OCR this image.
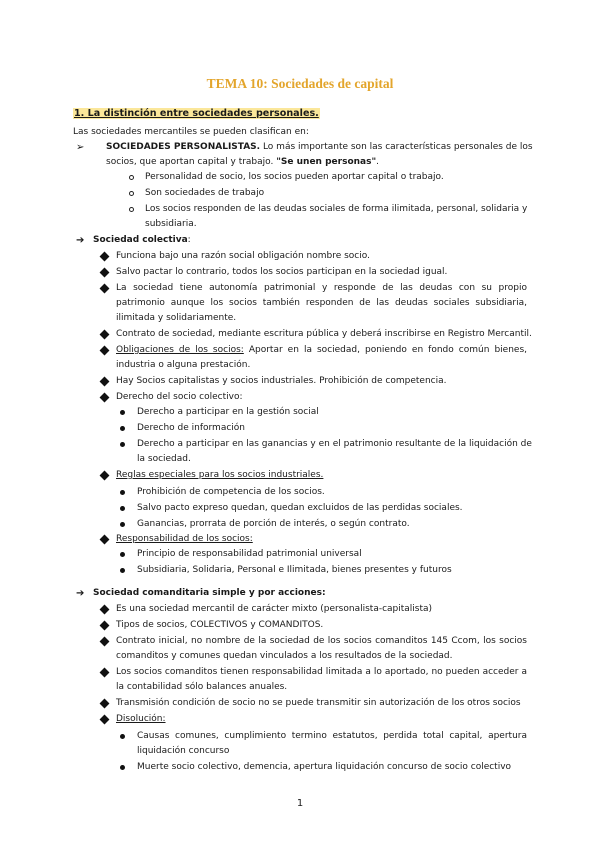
TEMA 10: Sociedades de capital
1. La distinción entre sociedades personales.
Las sociedades mercantiles se pueden clasifican en:
➢ SOCIEDADES PERSONALISTAS. Lo más importante son las características personales de los
socios, que aportan capital y trabajo. "Se unen personas".
Personalidad de socio, los socios pueden aportar capital o trabajo.
Son sociedades de trabajo
Los socios responden de las deudas sociales de forma ilimitada, personal, solidaria y
subsidiaria.
➔ Sociedad colectiva:
Funciona bajo una razón social obligación nombre socio.
Salvo pactar lo contrario, todos los socios participan en la sociedad igual.
La sociedad tiene autonomía patrimonial y responde de las deudas con su propio
patrimonio aunque los socios también responden de las deudas sociales subsidiaria,
ilimitada y solidariamente.
Contrato de sociedad, mediante escritura pública y deberá inscribirse en Registro Mercantil.
Obligaciones de los socios: Aportar en la sociedad, poniendo en fondo común bienes,
industria o alguna prestación.
Hay Socios capitalistas y socios industriales. Prohibición de competencia.
Derecho del socio colectivo:
Derecho a participar en la gestión social
Derecho de información
Derecho a participar en las ganancias y en el patrimonio resultante de la liquidación de
la sociedad.
Reglas especiales para los socios industriales.
Prohibición de competencia de los socios.
Salvo pacto expreso quedan, quedan excluidos de las perdidas sociales.
Ganancias, prorrata de porción de interés, o según contrato.
Responsabilidad de los socios:
Principio de responsabilidad patrimonial universal
Subsidiaria, Solidaria, Personal e Ilimitada, bienes presentes y futuros
➔ Sociedad comanditaria simple y por acciones:
Es una sociedad mercantil de carácter mixto (personalista-capitalista)
Tipos de socios, COLECTIVOS y COMANDITOS.
Contrato inicial, no nombre de la sociedad de los socios comanditos 145 Ccom, los socios
comanditos y comunes quedan vinculados a los resultados de la sociedad.
Los socios comanditos tienen responsabilidad limitada a lo aportado, no pueden acceder a
la contabilidad sólo balances anuales.
Transmisión condición de socio no se puede transmitir sin autorización de los otros socios
Disolución:
Causas comunes, cumplimiento termino estatutos, perdida total capital, apertura
liquidación concurso
Muerte socio colectivo, demencia, apertura liquidación concurso de socio colectivo
1
